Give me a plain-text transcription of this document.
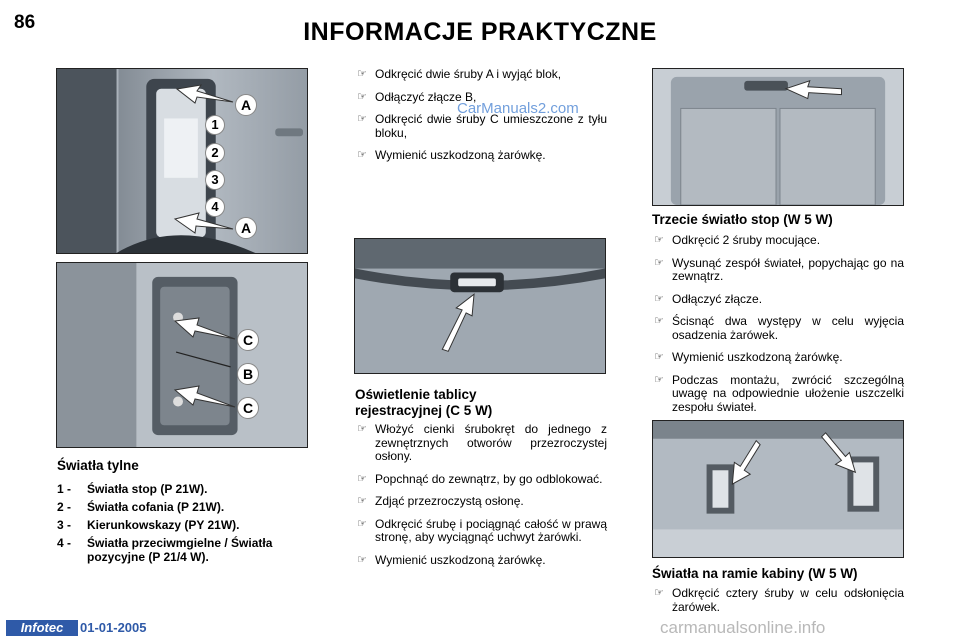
86	INFORMACJE PRAKTYCZNE
A
1
2
3
4
A
C
B
C
Światła tylne
1 - Światła stop (P 21W).
2 - Światła cofania (P 21W).
3 - Kierunkowskazy (PY 21W).
4 - Światła przeciwmgielne / Światła pozycyjne (P 21/4 W).
☞ Odkręcić dwie śruby A i wyjąć blok,
☞ Odłączyć złącze B,
☞ Odkręcić dwie śruby C umieszczone z tyłu bloku,
☞ Wymienić uszkodzoną żarówkę.
CarManuals2.com
Oświetlenie tablicy rejestracyjnej (C 5 W)
☞ Włożyć cienki śrubokręt do jednego z zewnętrznych otworów przezroczystej osłony.
☞ Popchnąć do zewnątrz, by go odblokować.
☞ Zdjąć przezroczystą osłonę.
☞ Odkręcić śrubę i pociągnąć całość w prawą stronę, aby wyciągnąć uchwyt żarówki.
☞ Wymienić uszkodzoną żarówkę.
Trzecie światło stop (W 5 W)
☞ Odkręcić 2 śruby mocujące.
☞ Wysunąć zespół świateł, popychając go na zewnątrz.
☞ Odłączyć złącze.
☞ Ścisnąć dwa występy w celu wyjęcia osadzenia żarówek.
☞ Wymienić uszkodzoną żarówkę.
☞ Podczas montażu, zwrócić szczególną uwagę na odpowiednie ułożenie uszczelki zespołu świateł.
Światła na ramie kabiny (W 5 W)
☞ Odkręcić cztery śruby w celu odsłonięcia żarówek.
Infotec	01-01-2005	carmanualsonline.info
